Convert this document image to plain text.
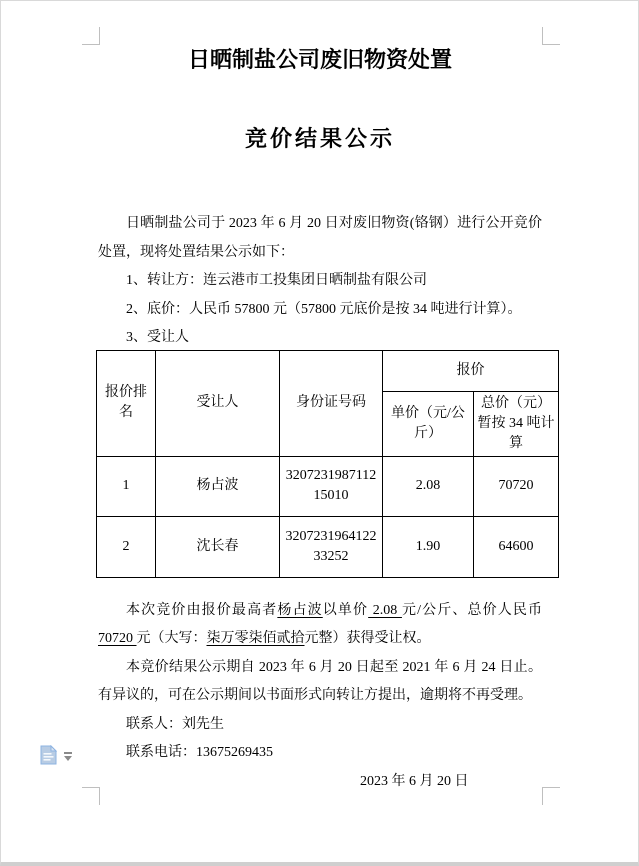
日晒制盐公司废旧物资处置
竞价结果公示

日晒制盐公司于 2023 年 6 月 20 日对废旧物资(铬钢）进行公开竞价处置，现将处置结果公示如下：

1、转让方：连云港市工投集团日晒制盐有限公司

2、底价：人民币 57800 元（57800 元底价是按 34 吨进行计算）。

3、受让人

报价排名	受让人	身份证号码	报价	
			单价（元/公斤）	总价（元）暂按 34 吨计算
1	杨占波	320723198711215010	2.08	70720
2	沈长春	320723196412233252	1.90	64600

本次竞价由报价最高者杨占波以单价 2.08 元/公斤、总价人民币 70720 元（大写：柒万零柒佰贰拾元整）获得受让权。

本竞价结果公示期自 2023 年 6 月 20 日起至 2021 年 6 月 24 日止。有异议的，可在公示期间以书面形式向转让方提出，逾期将不再受理。

联系人：刘先生

联系电话：13675269435

2023 年 6 月 20 日
